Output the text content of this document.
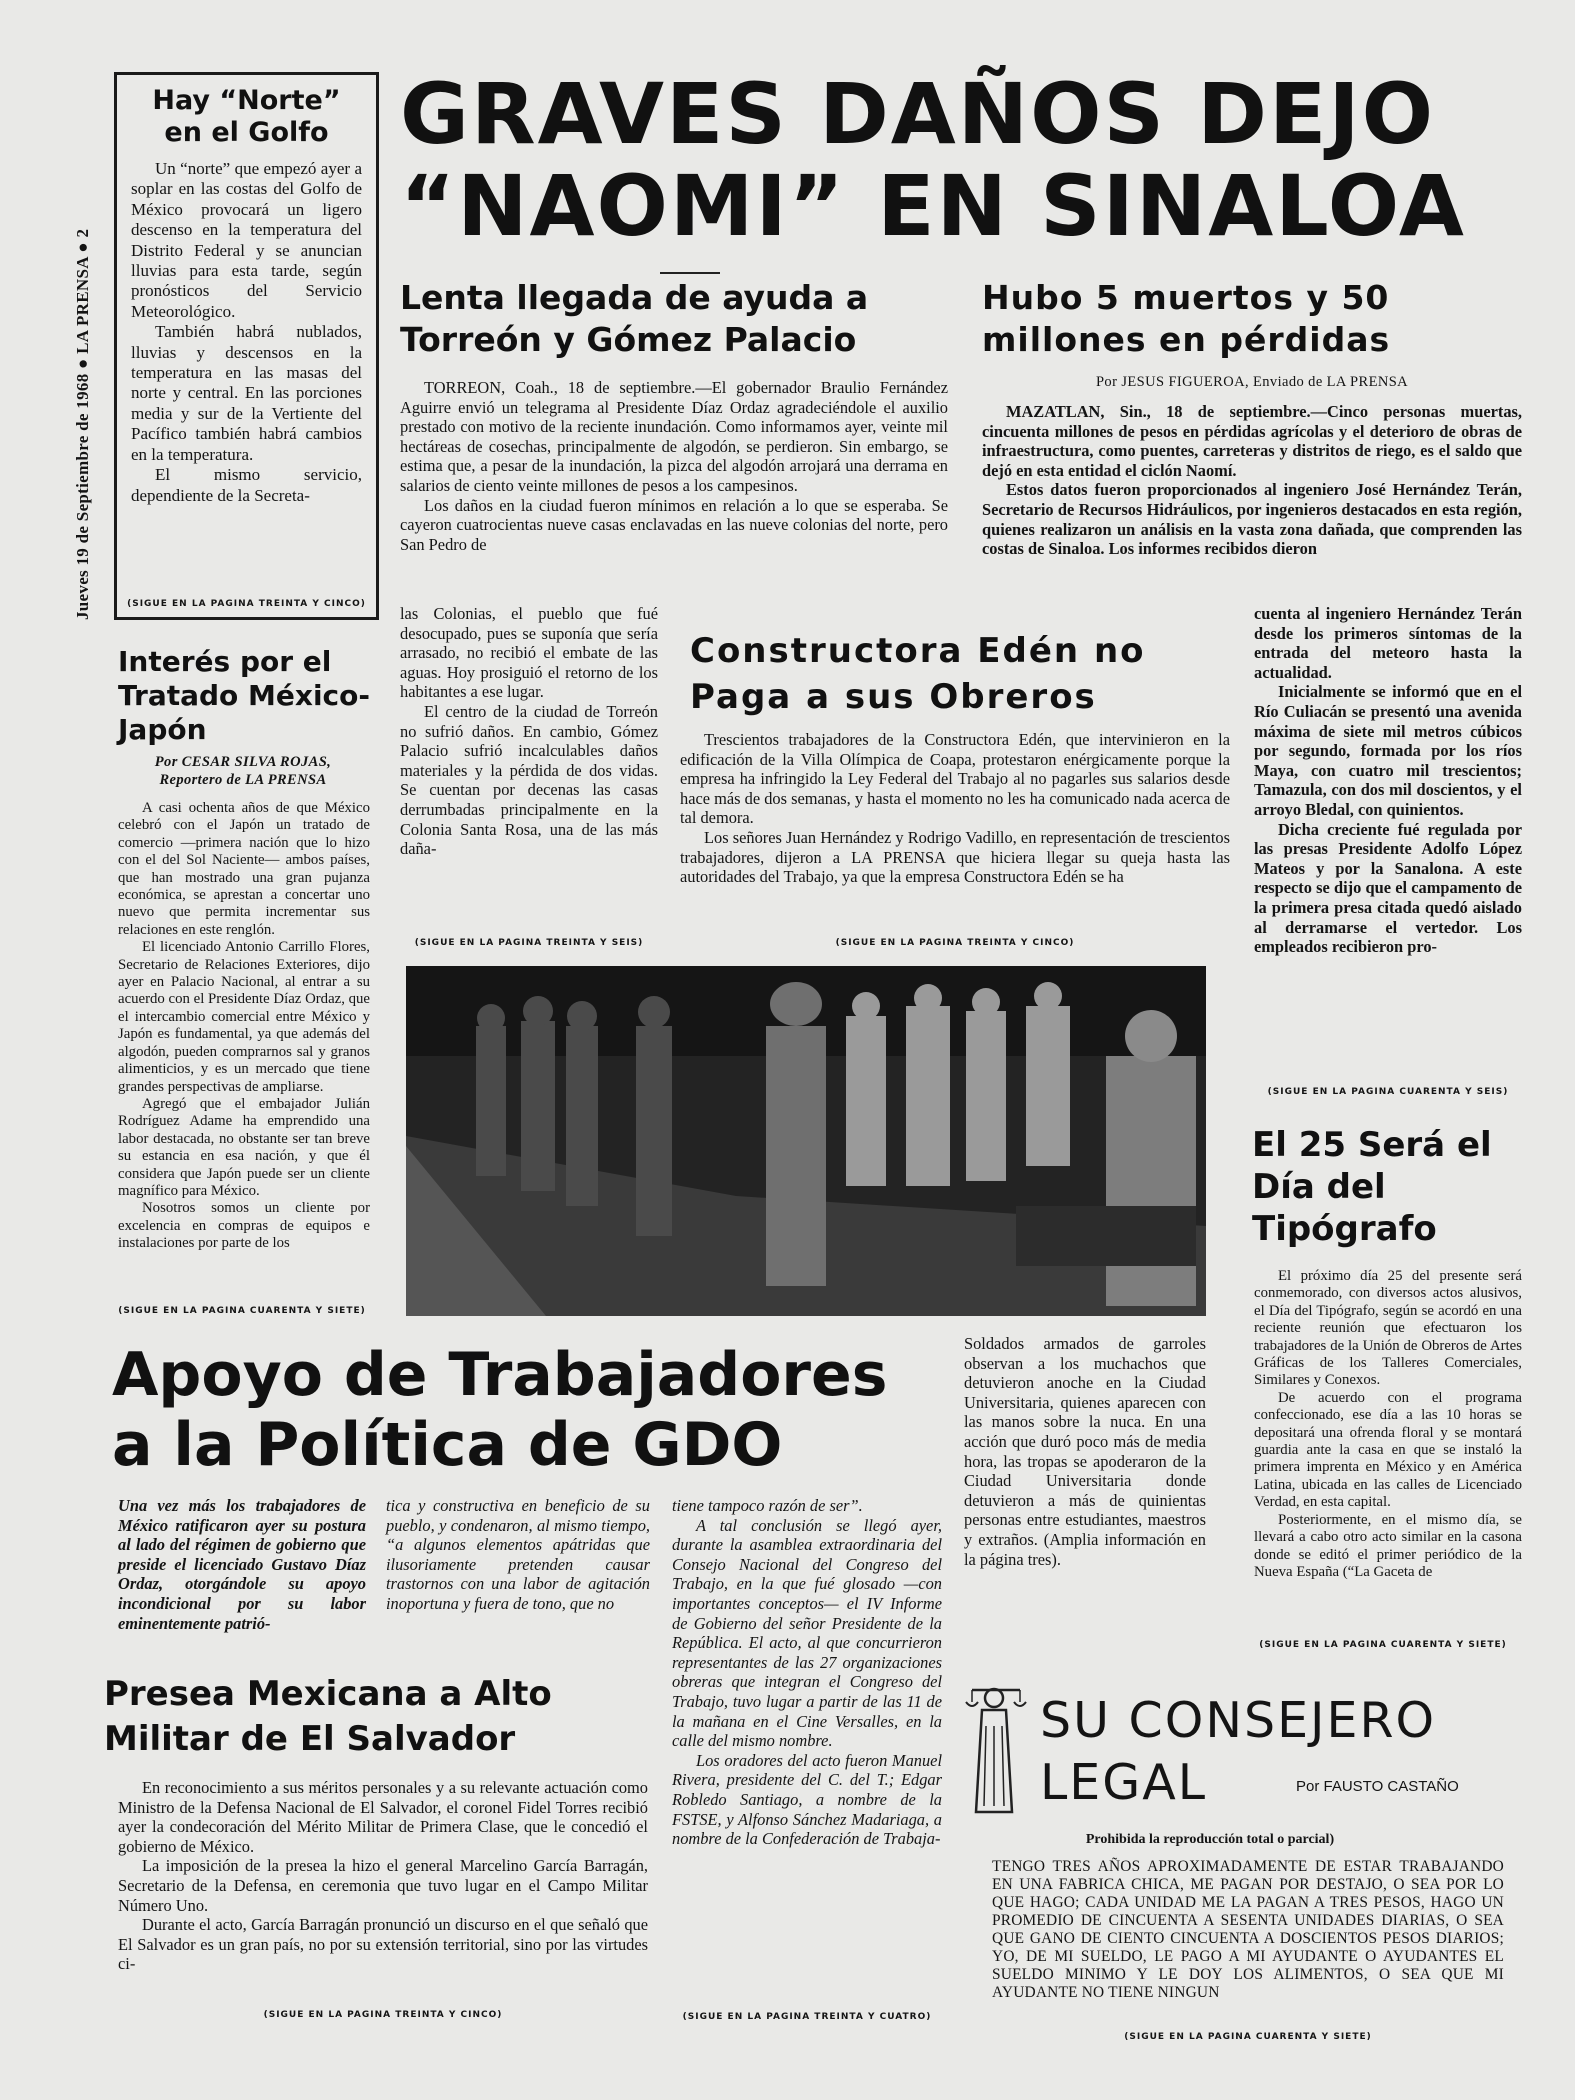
Jueves 19 de Septiembre de 1968 ● LA PRENSA ● 2
Hay “Norte” en el Golfo

Un “norte” que empezó ayer a soplar en las costas del Golfo de México provocará un ligero descenso en la temperatura del Distrito Federal y se anuncian lluvias para esta tarde, según pronósticos del Servicio Meteorológico.

También habrá nublados, lluvias y descensos en la temperatura en las masas del norte y central. En las porciones media y sur de la Vertiente del Pacífico también habrá cambios en la temperatura.

El mismo servicio, dependiente de la Secreta-

(SIGUE EN LA PAGINA TREINTA Y CINCO)
GRAVES DAÑOS DEJO “NAOMI” EN SINALOA
Lenta llegada de ayuda a Torreón y Gómez Palacio

TORREON, Coah., 18 de septiembre.—El gobernador Braulio Fernández Aguirre envió un telegrama al Presidente Díaz Ordaz agradeciéndole el auxilio prestado con motivo de la reciente inundación. Como informamos ayer, veinte mil hectáreas de cosechas, principalmente de algodón, se perdieron. Sin embargo, se estima que, a pesar de la inundación, la pizca del algodón arrojará una derrama en salarios de ciento veinte millones de pesos a los campesinos.

Los daños en la ciudad fueron mínimos en relación a lo que se esperaba. Se cayeron cuatrocientas nueve casas enclavadas en las nueve colonias del norte, pero San Pedro de

las Colonias, el pueblo que fué desocupado, pues se suponía que sería arrasado, no recibió el embate de las aguas. Hoy prosiguió el retorno de los habitantes a ese lugar.

El centro de la ciudad de Torreón no sufrió daños. En cambio, Gómez Palacio sufrió incalculables daños materiales y la pérdida de dos vidas. Se cuentan por decenas las casas derrumbadas principalmente en la Colonia Santa Rosa, una de las más daña-

(SIGUE EN LA PAGINA TREINTA Y SEIS)
Hubo 5 muertos y 50 millones en pérdidas
Por JESUS FIGUEROA, Enviado de LA PRENSA

MAZATLAN, Sin., 18 de septiembre.—Cinco personas muertas, cincuenta millones de pesos en pérdidas agrícolas y el deterioro de obras de infraestructura, como puentes, carreteras y distritos de riego, es el saldo que dejó en esta entidad el ciclón Naomí.

Estos datos fueron proporcionados al ingeniero José Hernández Terán, Secretario de Recursos Hidráulicos, por ingenieros destacados en esta región, quienes realizaron un análisis en la vasta zona dañada, que comprenden las costas de Sinaloa. Los informes recibidos dieron

cuenta al ingeniero Hernández Terán desde los primeros síntomas de la entrada del meteoro hasta la actualidad.

Inicialmente se informó que en el Río Culiacán se presentó una avenida máxima de siete mil metros cúbicos por segundo, formada por los ríos Maya, con cuatro mil trescientos; Tamazula, con dos mil doscientos, y el arroyo Bledal, con quinientos.

Dicha creciente fué regulada por las presas Presidente Adolfo López Mateos y por la Sanalona. A este respecto se dijo que el campamento de la primera presa citada quedó aislado al derramarse el vertedor. Los empleados recibieron pro-

(SIGUE EN LA PAGINA CUARENTA Y SEIS)
Interés por el Tratado México-Japón
Por CESAR SILVA ROJAS,
Reportero de LA PRENSA

A casi ochenta años de que México celebró con el Japón un tratado de comercio —primera nación que lo hizo con el del Sol Naciente— ambos países, que han mostrado una gran pujanza económica, se aprestan a concertar uno nuevo que permita incrementar sus relaciones en este renglón.

El licenciado Antonio Carrillo Flores, Secretario de Relaciones Exteriores, dijo ayer en Palacio Nacional, al entrar a su acuerdo con el Presidente Díaz Ordaz, que el intercambio comercial entre México y Japón es fundamental, ya que además del algodón, pueden comprarnos sal y granos alimenticios, y es un mercado que tiene grandes perspectivas de ampliarse.

Agregó que el embajador Julián Rodríguez Adame ha emprendido una labor destacada, no obstante ser tan breve su estancia en esa nación, y que él considera que Japón puede ser un cliente magnífico para México.

Nosotros somos un cliente por excelencia en compras de equipos e instalaciones por parte de los

(SIGUE EN LA PAGINA CUARENTA Y SIETE)
Constructora Edén no Paga a sus Obreros

Trescientos trabajadores de la Constructora Edén, que intervinieron en la edificación de la Villa Olímpica de Coapa, protestaron enérgicamente porque la empresa ha infringido la Ley Federal del Trabajo al no pagarles sus salarios desde hace más de dos semanas, y hasta el momento no les ha comunicado nada acerca de tal demora.

Los señores Juan Hernández y Rodrigo Vadillo, en representación de trescientos trabajadores, dijeron a LA PRENSA que hiciera llegar su queja hasta las autoridades del Trabajo, ya que la empresa Constructora Edén se ha

(SIGUE EN LA PAGINA TREINTA Y CINCO)
Soldados armados de garroles observan a los muchachos que detuvieron anoche en la Ciudad Universitaria, quienes aparecen con las manos sobre la nuca. En una acción que duró poco más de media hora, las tropas se apoderaron de la Ciudad Universitaria donde detuvieron a más de quinientas personas entre estudiantes, maestros y extraños. (Amplia información en la página tres).
El 25 Será el Día del Tipógrafo

El próximo día 25 del presente será conmemorado, con diversos actos alusivos, el Día del Tipógrafo, según se acordó en una reciente reunión que efectuaron los trabajadores de la Unión de Obreros de Artes Gráficas de los Talleres Comerciales, Similares y Conexos.

De acuerdo con el programa confeccionado, ese día a las 10 horas se depositará una ofrenda floral y se montará guardia ante la casa en que se instaló la primera imprenta en México y en América Latina, ubicada en las calles de Licenciado Verdad, en esta capital.

Posteriormente, en el mismo día, se llevará a cabo otro acto similar en la casona donde se editó el primer periódico de la Nueva España (“La Gaceta de

(SIGUE EN LA PAGINA CUARENTA Y SIETE)
Apoyo de Trabajadores a la Política de GDO
Una vez más los trabajadores de México ratificaron ayer su postura al lado del régimen de gobierno que preside el licenciado Gustavo Díaz Ordaz, otorgándole su apoyo incondicional por su labor eminentemente patrió-
tica y constructiva en beneficio de su pueblo, y condenaron, al mismo tiempo, “a algunos elementos apátridas que ilusoriamente pretenden causar trastornos con una labor de agitación inoportuna y fuera de tono, que no

tiene tampoco razón de ser”.

A tal conclusión se llegó ayer, durante la asamblea extraordinaria del Consejo Nacional del Congreso del Trabajo, en la que fué glosado —con importantes conceptos— el IV Informe de Gobierno del señor Presidente de la República. El acto, al que concurrieron representantes de las 27 organizaciones obreras que integran el Congreso del Trabajo, tuvo lugar a partir de las 11 de la mañana en el Cine Versalles, en la calle del mismo nombre.

Los oradores del acto fueron Manuel Rivera, presidente del C. del T.; Edgar Robledo Santiago, a nombre de la FSTSE, y Alfonso Sánchez Madariaga, a nombre de la Confederación de Trabaja-

(SIGUE EN LA PAGINA TREINTA Y CUATRO)
Presea Mexicana a Alto Militar de El Salvador

En reconocimiento a sus méritos personales y a su relevante actuación como Ministro de la Defensa Nacional de El Salvador, el coronel Fidel Torres recibió ayer la condecoración del Mérito Militar de Primera Clase, que le concedió el gobierno de México.

La imposición de la presea la hizo el general Marcelino García Barragán, Secretario de la Defensa, en ceremonia que tuvo lugar en el Campo Militar Número Uno.

Durante el acto, García Barragán pronunció un discurso en el que señaló que El Salvador es un gran país, no por su extensión territorial, sino por las virtudes ci-

(SIGUE EN LA PAGINA TREINTA Y CINCO)
SU CONSEJERO
LEGAL	Por FAUSTO CASTAÑO
Prohibida la reproducción total o parcial)
TENGO TRES AÑOS APROXIMADAMENTE DE ESTAR TRABAJANDO EN UNA FABRICA CHICA, ME PAGAN POR DESTAJO, O SEA POR LO QUE HAGO; CADA UNIDAD ME LA PAGAN A TRES PESOS, HAGO UN PROMEDIO DE CINCUENTA A SESENTA UNIDADES DIARIAS, O SEA QUE GANO DE CIENTO CINCUENTA A DOSCIENTOS PESOS DIARIOS; YO, DE MI SUELDO, LE PAGO A MI AYUDANTE O AYUDANTES EL SUELDO MINIMO Y LE DOY LOS ALIMENTOS, O SEA QUE MI AYUDANTE NO TIENE NINGUN
(SIGUE EN LA PAGINA CUARENTA Y SIETE)
